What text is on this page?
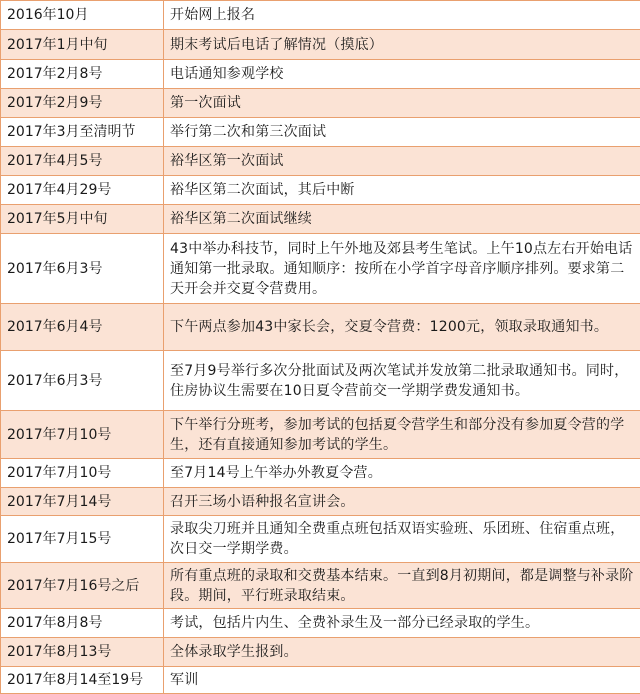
2016年10月	开始网上报名
2017年1月中旬	期末考试后电话了解情况（摸底）
2017年2月8号	电话通知参观学校
2017年2月9号	第一次面试
2017年3月至清明节	举行第二次和第三次面试
2017年4月5号	裕华区第一次面试
2017年4月29号	裕华区第二次面试，其后中断
2017年5月中旬	裕华区第二次面试继续
2017年6月3号	43中举办科技节，同时上午外地及郊县考生笔试。上午10点左右开始电话通知第一批录取。通知顺序：按所在小学首字母音序顺序排列。要求第二天开会并交夏令营费用。
2017年6月4号	下午两点参加43中家长会，交夏令营费：1200元，领取录取通知书。
2017年6月3号	至7月9号举行多次分批面试及两次笔试并发放第二批录取通知书。同时，住房协议生需要在10日夏令营前交一学期学费发通知书。
2017年7月10号	下午举行分班考，参加考试的包括夏令营学生和部分没有参加夏令营的学生，还有直接通知参加考试的学生。
2017年7月10号	至7月14号上午举办外教夏令营。
2017年7月14号	召开三场小语种报名宣讲会。
2017年7月15号	录取尖刀班并且通知全费重点班包括双语实验班、乐团班、住宿重点班，次日交一学期学费。
2017年7月16号之后	所有重点班的录取和交费基本结束。一直到8月初期间，都是调整与补录阶段。期间，平行班录取结束。
2017年8月8号	考试，包括片内生、全费补录生及一部分已经录取的学生。
2017年8月13号	全体录取学生报到。
2017年8月14至19号	军训
